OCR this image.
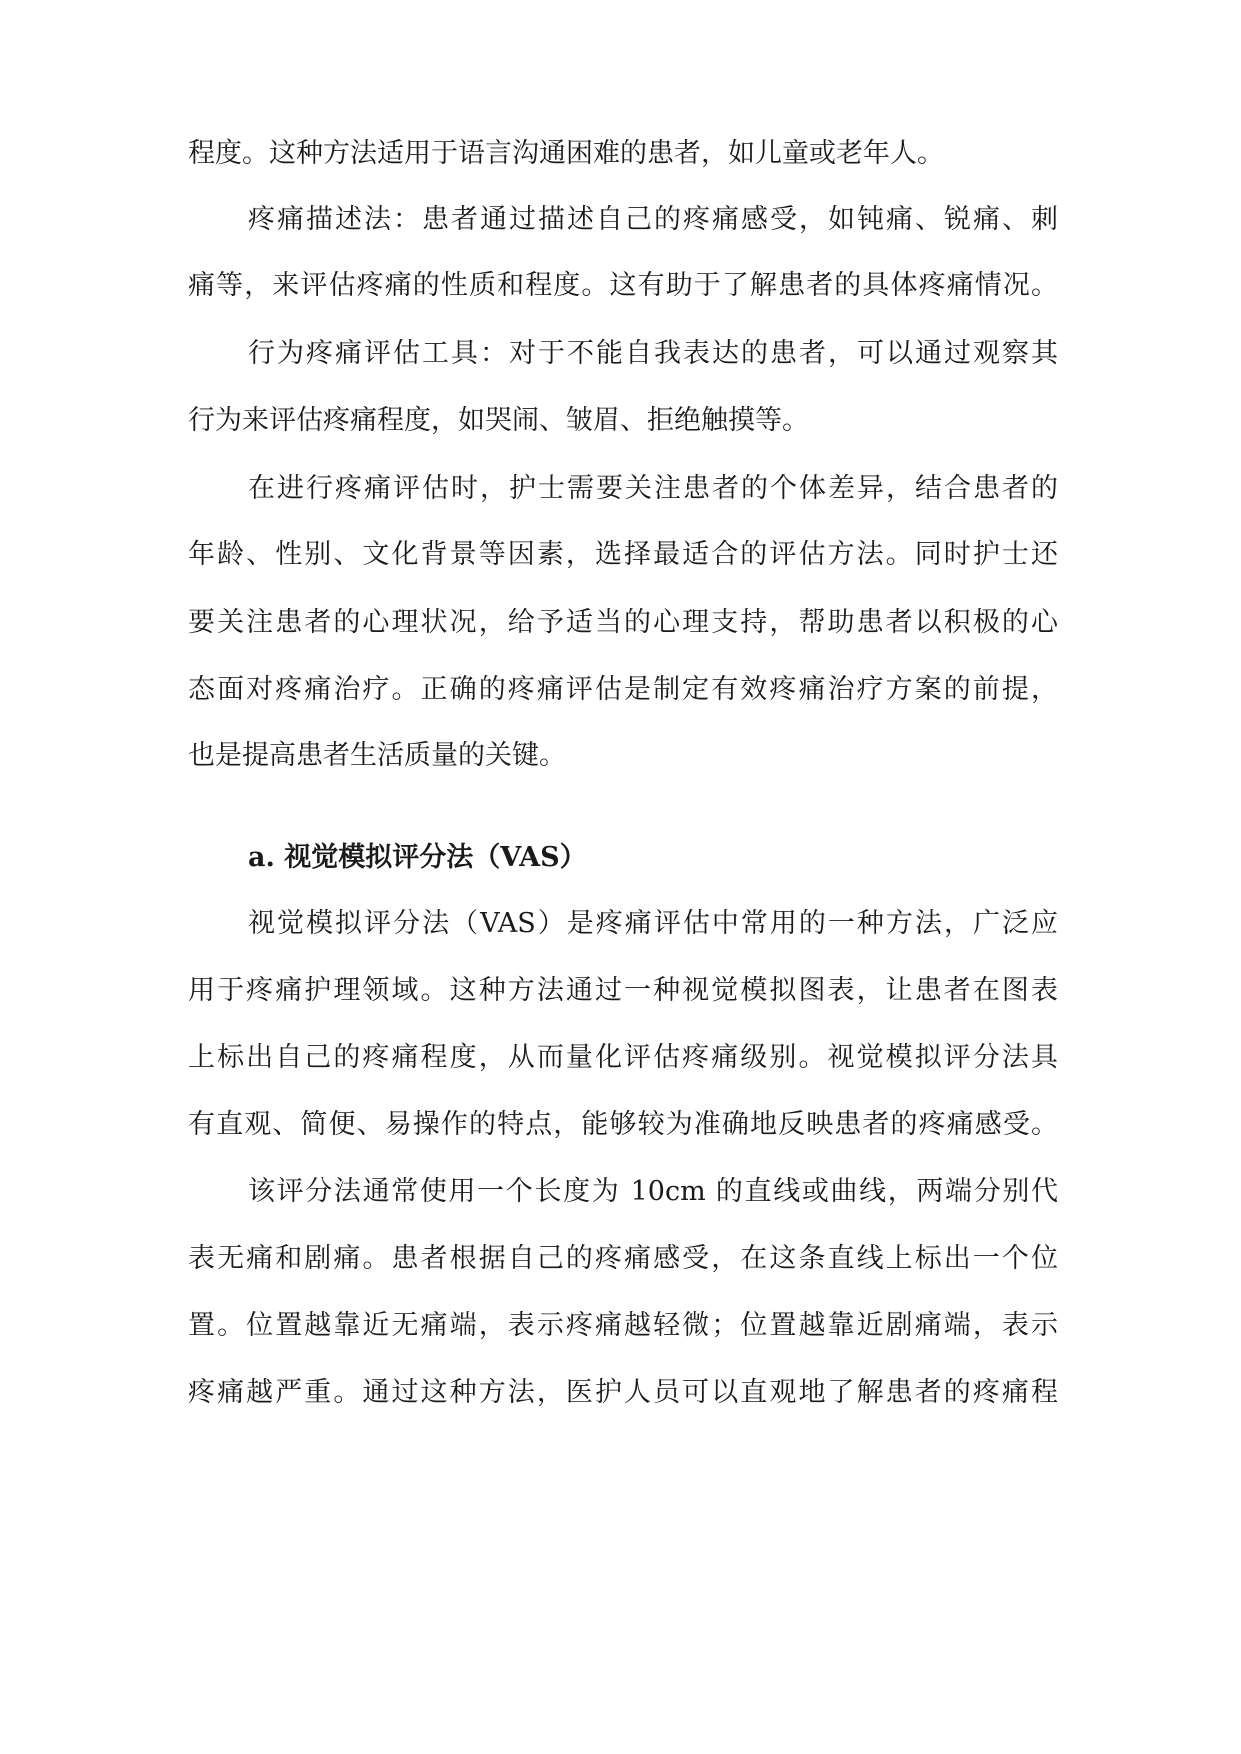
程度。这种方法适用于语言沟通困难的患者，如儿童或老年人。
疼痛描述法：患者通过描述自己的疼痛感受，如钝痛、锐痛、刺
痛等，来评估疼痛的性质和程度。这有助于了解患者的具体疼痛情况。
行为疼痛评估工具：对于不能自我表达的患者，可以通过观察其
行为来评估疼痛程度，如哭闹、皱眉、拒绝触摸等。
在进行疼痛评估时，护士需要关注患者的个体差异，结合患者的
年龄、性别、文化背景等因素，选择最适合的评估方法。同时护士还
要关注患者的心理状况，给予适当的心理支持，帮助患者以积极的心
态面对疼痛治疗。正确的疼痛评估是制定有效疼痛治疗方案的前提，
也是提高患者生活质量的关键。
a. 视觉模拟评分法（VAS）
视觉模拟评分法（VAS）是疼痛评估中常用的一种方法，广泛应
用于疼痛护理领域。这种方法通过一种视觉模拟图表，让患者在图表
上标出自己的疼痛程度，从而量化评估疼痛级别。视觉模拟评分法具
有直观、简便、易操作的特点，能够较为准确地反映患者的疼痛感受。
该评分法通常使用一个长度为 10cm 的直线或曲线，两端分别代
表无痛和剧痛。患者根据自己的疼痛感受，在这条直线上标出一个位
置。位置越靠近无痛端，表示疼痛越轻微；位置越靠近剧痛端，表示
疼痛越严重。通过这种方法，医护人员可以直观地了解患者的疼痛程
